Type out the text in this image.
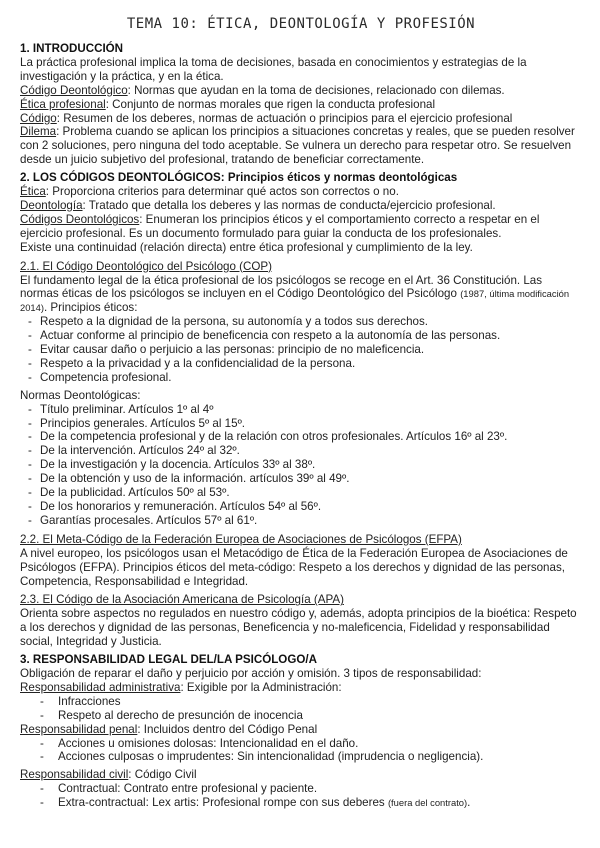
TEMA 10: ÉTICA, DEONTOLOGÍA Y PROFESIÓN

1. INTRODUCCIÓN

La práctica profesional implica la toma de decisiones, basada en conocimientos y estrategias de la investigación y la práctica, y en la ética.

Código Deontológico: Normas que ayudan en la toma de decisiones, relacionado con dilemas.

Ética profesional: Conjunto de normas morales que rigen la conducta profesional

Código: Resumen de los deberes, normas de actuación o principios para el ejercicio profesional

Dilema: Problema cuando se aplican los principios a situaciones concretas y reales, que se pueden resolver con 2 soluciones, pero ninguna del todo aceptable. Se vulnera un derecho para respetar otro. Se resuelven desde un juicio subjetivo del profesional, tratando de beneficiar correctamente.

2. LOS CÓDIGOS DEONTOLÓGICOS: Principios éticos y normas deontológicas

Ética: Proporciona criterios para determinar qué actos son correctos o no.

Deontología: Tratado que detalla los deberes y las normas de conducta/ejercicio profesional.

Códigos Deontológicos: Enumeran los principios éticos y el comportamiento correcto a respetar en el ejercicio profesional. Es un documento formulado para guiar la conducta de los profesionales.

Existe una continuidad (relación directa) entre ética profesional y cumplimiento de la ley.

2.1. El Código Deontológico del Psicólogo (COP)

El fundamento legal de la ética profesional de los psicólogos se recoge en el Art. 36 Constitución. Las normas éticas de los psicólogos se incluyen en el Código Deontológico del Psicólogo (1987, última modificación 2014). Principios éticos:

- Respeto a la dignidad de la persona, su autonomía y a todos sus derechos.
- Actuar conforme al principio de beneficencia con respeto a la autonomía de las personas.
- Evitar causar daño o perjuicio a las personas: principio de no maleficencia.
- Respeto a la privacidad y a la confidencialidad de la persona.
- Competencia profesional.

Normas Deontológicas:

- Título preliminar. Artículos 1º al 4º
- Principios generales. Artículos 5º al 15º.
- De la competencia profesional y de la relación con otros profesionales. Artículos 16º al 23º.
- De la intervención. Artículos 24º al 32º.
- De la investigación y la docencia. Artículos 33º al 38º.
- De la obtención y uso de la información. artículos 39º al 49º.
- De la publicidad. Artículos 50º al 53º.
- De los honorarios y remuneración. Artículos 54º al 56º.
- Garantías procesales. Artículos 57º al 61º.

2.2. El Meta-Código de la Federación Europea de Asociaciones de Psicólogos (EFPA)

A nivel europeo, los psicólogos usan el Metacódigo de Ética de la Federación Europea de Asociaciones de Psicólogos (EFPA). Principios éticos del meta-código: Respeto a los derechos y dignidad de las personas, Competencia, Responsabilidad e Integridad.

2.3. El Código de la Asociación Americana de Psicología (APA)

Orienta sobre aspectos no regulados en nuestro código y, además, adopta principios de la bioética: Respeto a los derechos y dignidad de las personas, Beneficencia y no-maleficencia, Fidelidad y responsabilidad social, Integridad y Justicia.

3. RESPONSABILIDAD LEGAL DEL/LA PSICÓLOGO/A

Obligación de reparar el daño y perjuicio por acción y omisión. 3 tipos de responsabilidad:

Responsabilidad administrativa: Exigible por la Administración:

- Infracciones
- Respeto al derecho de presunción de inocencia

Responsabilidad penal: Incluidos dentro del Código Penal

- Acciones u omisiones dolosas: Intencionalidad en el daño.
- Acciones culposas o imprudentes: Sin intencionalidad (imprudencia o negligencia).

Responsabilidad civil: Código Civil

- Contractual: Contrato entre profesional y paciente.
- Extra-contractual: Lex artis: Profesional rompe con sus deberes (fuera del contrato).
